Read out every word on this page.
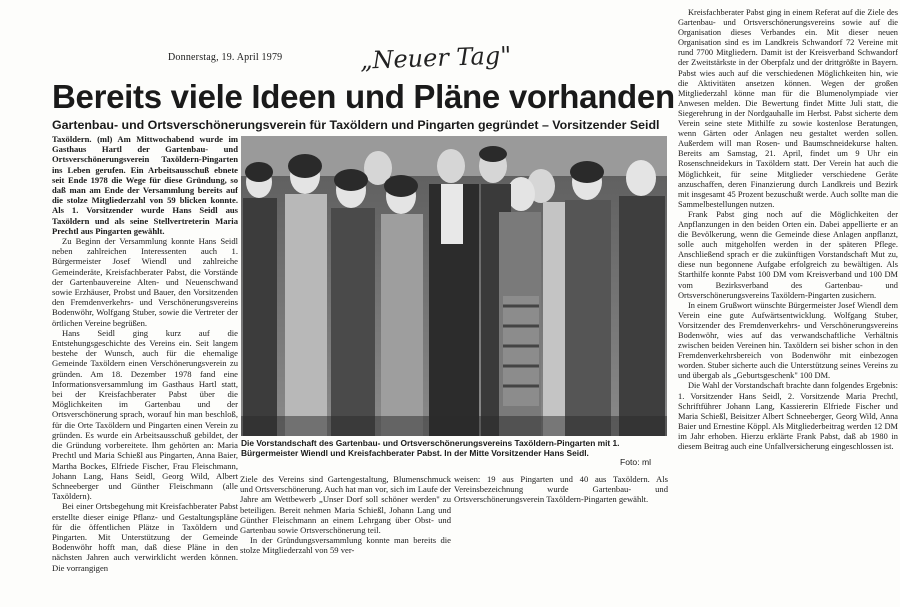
Donnerstag, 19. April 1979	„Neuer Tag"
Bereits viele Ideen und Pläne vorhanden
Gartenbau- und Ortsverschönerungsverein für Taxöldern und Pingarten gegründet – Vorsitzender Seidl

Taxöldern. (ml) Am Mittwochabend wurde im Gasthaus Hartl der Gartenbau- und Ortsverschönerungsverein Taxöldern-Pingarten ins Leben gerufen. Ein Arbeitsausschuß ebnete seit Ende 1978 die Wege für diese Gründung, so daß man am Ende der Versammlung bereits auf die stolze Mitgliederzahl von 59 blicken konnte. Als 1. Vorsitzender wurde Hans Seidl aus Taxöldern und als seine Stellvertreterin Maria Prechtl aus Pingarten gewählt.

Zu Beginn der Versammlung konnte Hans Seidl neben zahlreichen Interessenten auch 1. Bürgermeister Josef Wiendl und zahlreiche Gemeinderäte, Kreisfachberater Pabst, die Vorstände der Gartenbauvereine Alten- und Neuenschwand sowie Erzhäuser, Probst und Bauer, den Vorsitzenden den Fremdenverkehrs- und Verschönerungsvereins Bodenwöhr, Wolfgang Stuber, sowie die Vertreter der örtlichen Vereine begrüßen.

Hans Seidl ging kurz auf die Entstehungsgeschichte des Vereins ein. Seit langem bestehe der Wunsch, auch für die ehemalige Gemeinde Taxöldern einen Verschönerungsverein zu gründen. Am 18. Dezember 1978 fand eine Informationsversammlung im Gasthaus Hartl statt, bei der Kreisfachberater Pabst über die Möglichkeiten im Gartenbau und der Ortsverschönerung sprach, worauf hin man beschloß, für die Orte Taxöldern und Pingarten einen Verein zu gründen. Es wurde ein Arbeitsausschuß gebildet, der die Gründung vorbereitete. Ihm gehörten an: Maria Prechtl und Maria Schießl aus Pingarten, Anna Baier, Martha Bockes, Elfriede Fischer, Frau Fleischmann, Johann Lang, Hans Seidl, Georg Wild, Albert Schneeberger und Günther Fleischmann (alle Taxöldern).

Bei einer Ortsbegehung mit Kreisfachberater Pabst erstellte dieser einige Pflanz- und Gestaltungspläne für die öffentlichen Plätze in Taxöldern und Pingarten. Mit Unterstützung der Gemeinde Bodenwöhr hofft man, daß diese Pläne in den nächsten Jahren auch verwirklicht werden können. Die vorrangigen

Die Vorstandschaft des Gartenbau- und Ortsverschönerungsvereins Taxöldern-Pingarten mit 1. Bürgermeister Wiendl und Kreisfachberater Pabst. In der Mitte Vorsitzender Hans Seidl.
Foto: ml

Ziele des Vereins sind Gartengestaltung, Blumenschmuck und Ortsverschönerung. Auch hat man vor, sich im Laufe der Jahre am Wettbewerb „Unser Dorf soll schöner werden" zu beteiligen. Bereit nehmen Maria Schießl, Johann Lang und Günther Fleischmann an einem Lehrgang über Obst- und Gartenbau sowie Ortsverschönerung teil.

In der Gründungsversammlung konnte man bereits die stolze Mitgliederzahl von 59 ver-

weisen: 19 aus Pingarten und 40 aus Taxöldern. Als Vereinsbezeichnung wurde Gartenbau- und Ortsverschönerungsverein Taxöldern-Pingarten gewählt.

Kreisfachberater Pabst ging in einem Referat auf die Ziele des Gartenbau- und Ortsverschönerungsvereins sowie auf die Organisation dieses Verbandes ein. Mit dieser neuen Organisation sind es im Landkreis Schwandorf 72 Vereine mit rund 7700 Mitgliedern. Damit ist der Kreisverband Schwandorf der Zweitstärkste in der Oberpfalz und der drittgrößte in Bayern. Pabst wies auch auf die verschiedenen Möglichkeiten hin, wie die Aktivitäten ansetzen können. Wegen der großen Mitgliederzahl könne man für die Blumenolympiade vier Anwesen melden. Die Bewertung findet Mitte Juli statt, die Siegerehrung in der Nordgauhalle im Herbst. Pabst sicherte dem Verein seine stete Mithilfe zu sowie kostenlose Beratungen, wenn Gärten oder Anlagen neu gestaltet werden sollen. Außerdem will man Rosen- und Baumschneidekurse halten. Bereits am Samstag, 21. April, findet um 9 Uhr ein Rosenschneidekurs in Taxöldern statt. Der Verein hat auch die Möglichkeit, für seine Mitglieder verschiedene Geräte anzuschaffen, deren Finanzierung durch Landkreis und Bezirk mit insgesamt 45 Prozent bezuschußt werde. Auch sollte man die Sammelbestellungen nutzen.

Frank Pabst ging noch auf die Möglichkeiten der Anpflanzungen in den beiden Orten ein. Dabei appellierte er an die Bevölkerung, wenn die Gemeinde diese Anlagen anpflanzt, solle auch mitgeholfen werden in der späteren Pflege. Anschließend sprach er die zukünftigen Vorstandschaft Mut zu, diese nun begonnene Aufgabe erfolgreich zu bewältigen. Als Starthilfe konnte Pabst 100 DM vom Kreisverband und 100 DM vom Bezirksverband des Gartenbau- und Ortsverschönerungsvereins Taxöldern-Pingarten zusichern.

In einem Grußwort wünschte Bürgermeister Josef Wiendl dem Verein eine gute Aufwärtsentwicklung. Wolfgang Stuber, Vorsitzender des Fremdenverkehrs- und Verschönerungsvereins Bodenwöhr, wies auf das verwandschaftliche Verhältnis zwischen beiden Vereinen hin. Taxöldern sei bisher schon in den Fremdenverkehrsbereich von Bodenwöhr mit einbezogen worden. Stuber sicherte auch die Unterstützung seines Vereins zu und übergab als „Geburtsgeschenk" 100 DM.

Die Wahl der Vorstandschaft brachte dann folgendes Ergebnis: 1. Vorsitzender Hans Seidl, 2. Vorsitzende Maria Prechtl, Schriftführer Johann Lang, Kassiererin Elfriede Fischer und Maria Schießl, Beisitzer Albert Schneeberger, Georg Wild, Anna Baier und Ernestine Köppl. Als Mitgliederbeitrag werden 12 DM im Jahr erhoben. Hierzu erklärte Frank Pabst, daß ab 1980 in diesem Beitrag auch eine Unfallversicherung eingeschlossen ist.
